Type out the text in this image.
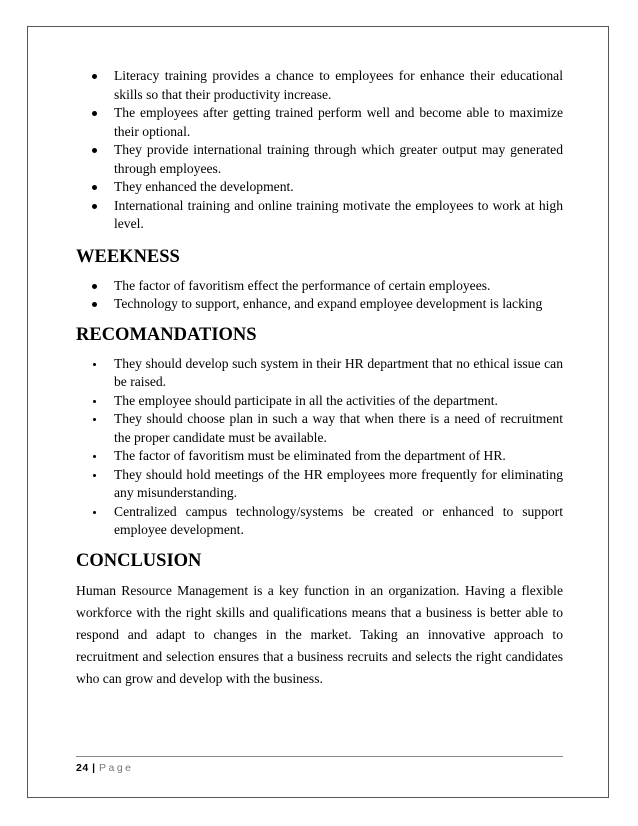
Literacy training provides a chance to employees for enhance their educational skills so that their productivity increase.
The employees after getting trained perform well and become able to maximize their optional.
They provide international training through which greater output may generated through employees.
They enhanced the development.
International training and online training motivate the employees to work at high level.
WEEKNESS
The factor of favoritism effect the performance of certain employees.
Technology to support, enhance, and expand employee development is lacking
RECOMANDATIONS
They should develop such system in their HR department that no ethical issue can be raised.
The employee should participate in all the activities of the department.
They should choose plan in such a way that when there is a need of recruitment the proper candidate must be available.
The factor of favoritism must be eliminated from the department of HR.
They should hold meetings of the HR employees more frequently for eliminating any misunderstanding.
Centralized campus technology/systems be created or enhanced to support employee development.
CONCLUSION

Human Resource Management is a key function in an organization. Having a flexible workforce with the right skills and qualifications means that a business is better able to respond and adapt to changes in the market. Taking an innovative approach to recruitment and selection ensures that a business recruits and selects the right candidates who can grow and develop with the business.

24 | Page
